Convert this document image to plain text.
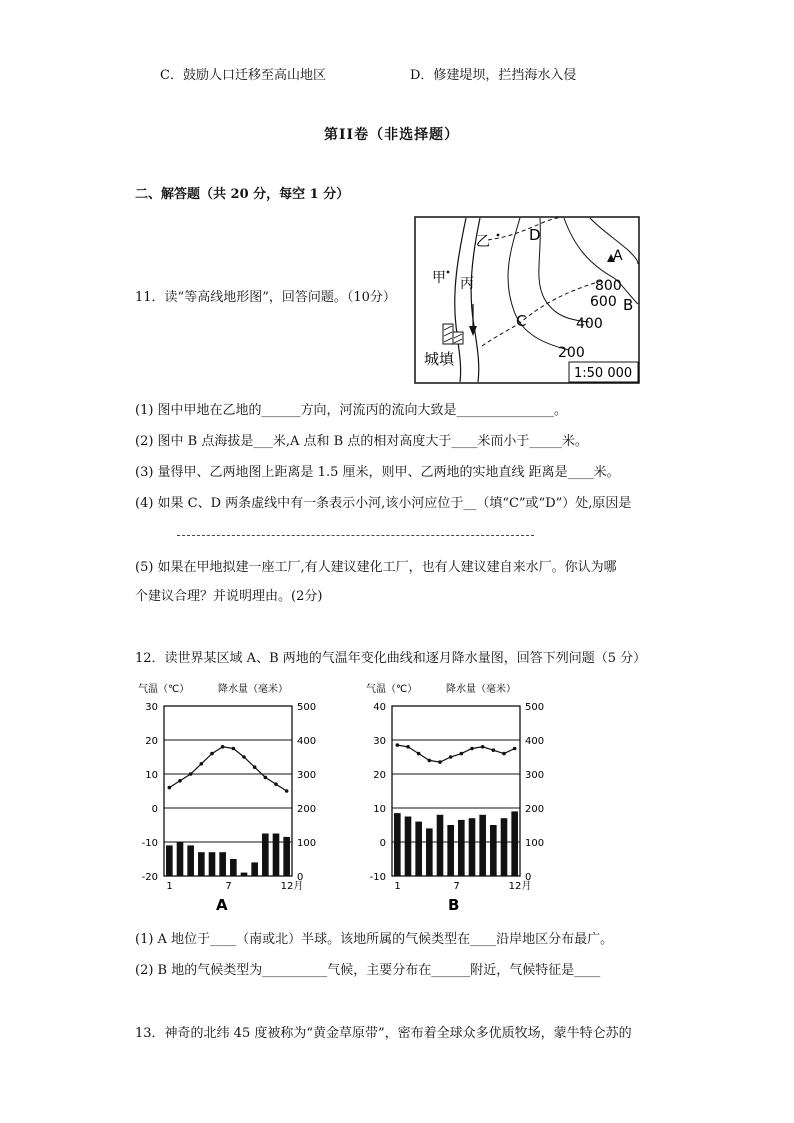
C．鼓励人口迁移至高山地区	D．修建堤坝，拦挡海水入侵
第II卷（非选择题）
二、解答题（共 20 分，每空 1 分）
11．读“等高线地形图”，回答问题。（10分）
乙	D
A
甲 丙	800
600 B
C	400
200
城填
1:50 000
(1) 图中甲地在乙地的______方向，河流丙的流向大致是_______________。
(2) 图中 B 点海拔是___米,A 点和 B 点的相对高度大于____米而小于_____米。
(3) 量得甲、乙两地图上距离是 1.5 厘米，则甲、乙两地的实地直线 距离是____米。
(4) 如果 C、D 两条虚线中有一条表示小河,该小河应位于__（填“C”或“D”）处,原因是
(5) 如果在甲地拟建一座工厂,有人建议建化工厂，也有人建议建自来水厂。你认为哪
个建议合理？并说明理由。(2分)
12．读世界某区域 A、B 两地的气温年变化曲线和逐月降水量图，回答下列问题（5 分）
气温（℃）	降水量（毫米）
30	500
20	400
10	300
0	200
-10	100
-20	0
1	7	12月
A
气温（℃）	降水量（毫米）
40	500
30	400
20	300
10	200
0	100
-10	0
1	7	12月
B
(1) A 地位于____（南或北）半球。该地所属的气候类型在____沿岸地区分布最广。
(2) B 地的气候类型为__________气候，主要分布在______附近，气候特征是____
13．神奇的北纬 45 度被称为“黄金草原带”，密布着全球众多优质牧场，蒙牛特仑苏的
